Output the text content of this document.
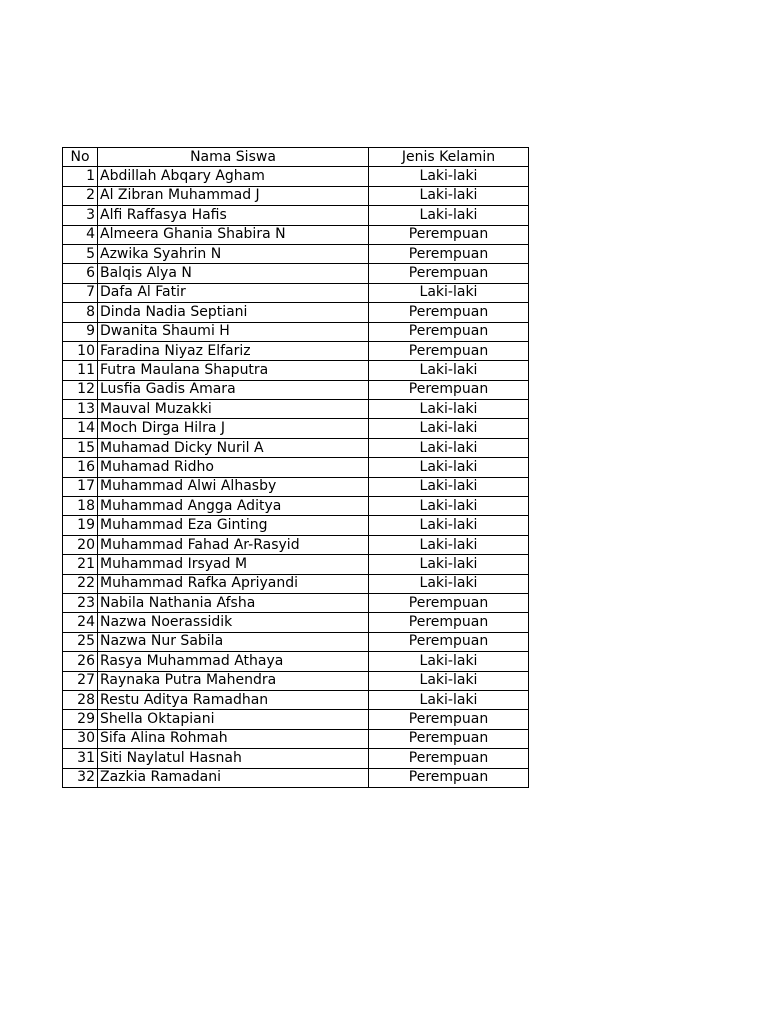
No	Nama Siswa	Jenis Kelamin
1	Abdillah Abqary Agham	Laki-laki
2	Al Zibran Muhammad J	Laki-laki
3	Alfi Raffasya Hafis	Laki-laki
4	Almeera Ghania Shabira N	Perempuan
5	Azwika Syahrin N	Perempuan
6	Balqis Alya N	Perempuan
7	Dafa Al Fatir	Laki-laki
8	Dinda Nadia Septiani	Perempuan
9	Dwanita Shaumi H	Perempuan
10	Faradina Niyaz Elfariz	Perempuan
11	Futra Maulana Shaputra	Laki-laki
12	Lusfia Gadis Amara	Perempuan
13	Mauval Muzakki	Laki-laki
14	Moch Dirga Hilra J	Laki-laki
15	Muhamad Dicky Nuril A	Laki-laki
16	Muhamad Ridho	Laki-laki
17	Muhammad Alwi Alhasby	Laki-laki
18	Muhammad Angga Aditya	Laki-laki
19	Muhammad Eza Ginting	Laki-laki
20	Muhammad Fahad Ar-Rasyid	Laki-laki
21	Muhammad Irsyad M	Laki-laki
22	Muhammad Rafka Apriyandi	Laki-laki
23	Nabila Nathania Afsha	Perempuan
24	Nazwa Noerassidik	Perempuan
25	Nazwa Nur Sabila	Perempuan
26	Rasya Muhammad Athaya	Laki-laki
27	Raynaka Putra Mahendra	Laki-laki
28	Restu Aditya Ramadhan	Laki-laki
29	Shella Oktapiani	Perempuan
30	Sifa Alina Rohmah	Perempuan
31	Siti Naylatul Hasnah	Perempuan
32	Zazkia Ramadani	Perempuan
